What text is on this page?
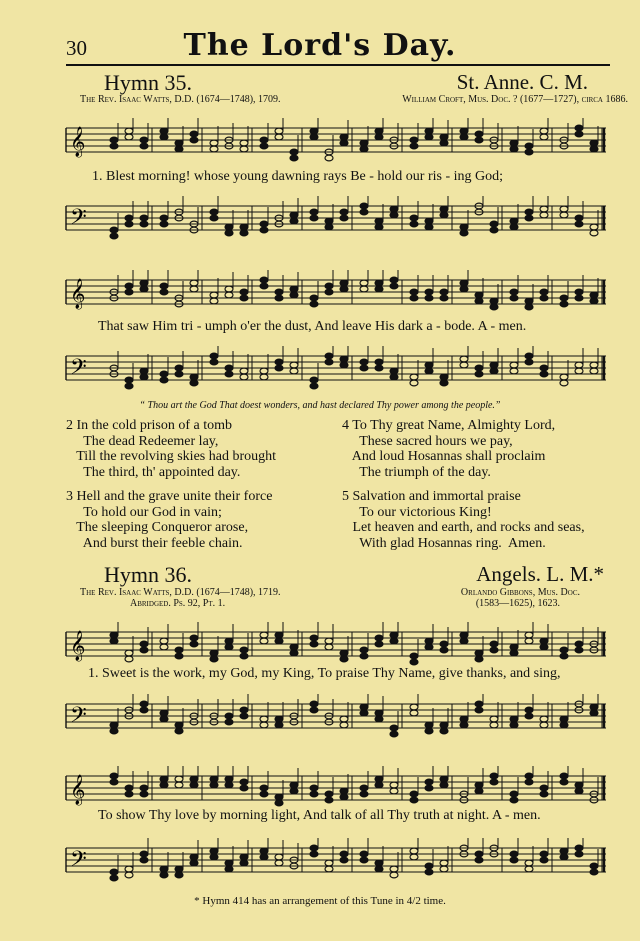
30	The Lord's Day.
Hymn 35.	St. Anne. C. M.
The Rev. Isaac Watts, D.D. (1674—1748), 1709.	William Croft, Mus. Doc. ? (1677—1727), circa 1686.
𝄞
1. Blest morning! whose young dawning rays Be - hold our ris - ing God;
𝄢
𝄞
That saw Him tri - umph o'er the dust, And leave His dark a - bode. A - men.
𝄢
“ Thou art the God That doest wonders, and hast declared Thy power among the people.”
2 In the cold prison of a tomb
The dead Redeemer lay,
Till the revolving skies had brought
The third, th' appointed day.
3 Hell and the grave unite their force
To hold our God in vain;
The sleeping Conqueror arose,
And burst their feeble chain.
4 To Thy great Name, Almighty Lord,
These sacred hours we pay,
And loud Hosannas shall proclaim
The triumph of the day.
5 Salvation and immortal praise
To our victorious King!
Let heaven and earth, and rocks and seas,
With glad Hosannas ring.  Amen.
Hymn 36.	Angels. L. M.*
The Rev. Isaac Watts, D.D. (1674—1748), 1719.
Abridged. Ps. 92, Pt. 1.
Orlando Gibbons, Mus. Doc.
(1583—1625), 1623.
𝄞
1. Sweet is the work, my God, my King, To praise Thy Name, give thanks, and sing,
𝄢
𝄞
To show Thy love by morning light, And talk of all Thy truth at night. A - men.
𝄢
* Hymn 414 has an arrangement of this Tune in 4/2 time.
